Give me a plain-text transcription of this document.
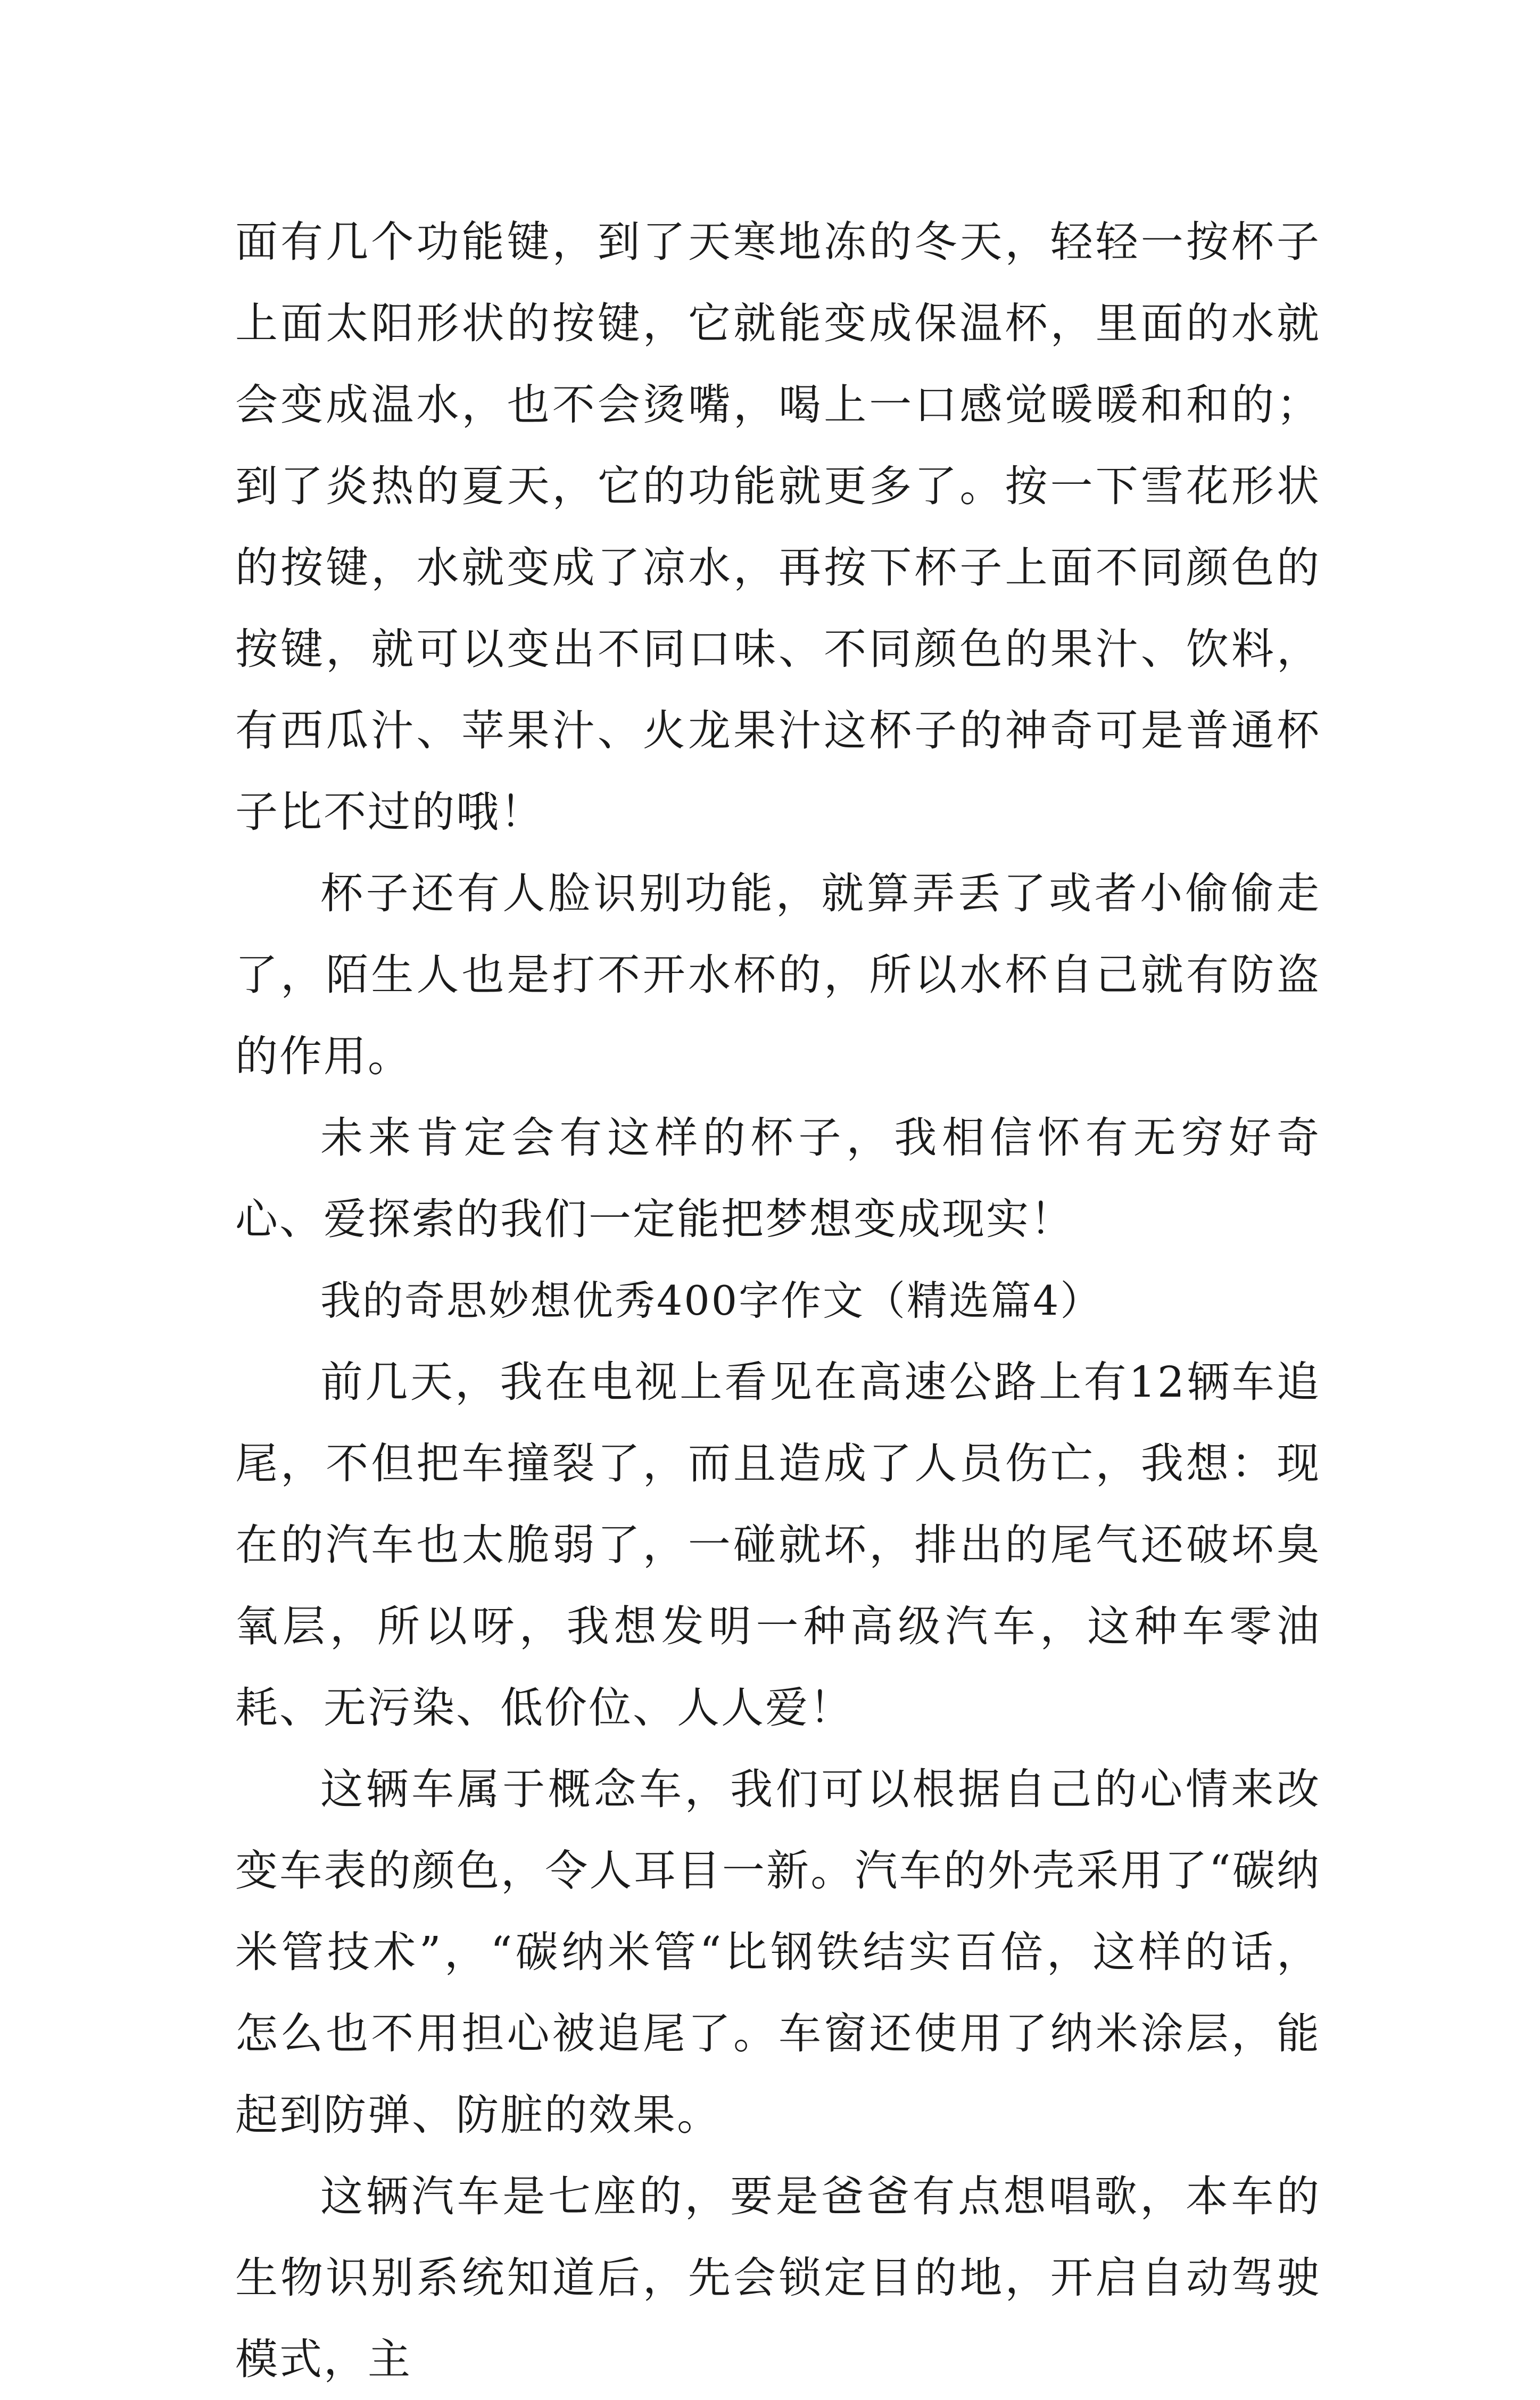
面有几个功能键，到了天寒地冻的冬天，轻轻一按杯子上面太阳形状的按键，它就能变成保温杯，里面的水就会变成温水，也不会烫嘴，喝上一口感觉暖暖和和的；到了炎热的夏天，它的功能就更多了。按一下雪花形状的按键，水就变成了凉水，再按下杯子上面不同颜色的按键，就可以变出不同口味、不同颜色的果汁、饮料，有西瓜汁、苹果汁、火龙果汁这杯子的神奇可是普通杯子比不过的哦！

杯子还有人脸识别功能，就算弄丢了或者小偷偷走了，陌生人也是打不开水杯的，所以水杯自己就有防盗的作用。

未来肯定会有这样的杯子，我相信怀有无穷好奇心、爱探索的我们一定能把梦想变成现实！

我的奇思妙想优秀400字作文（精选篇4）

前几天，我在电视上看见在高速公路上有12辆车追尾，不但把车撞裂了，而且造成了人员伤亡，我想：现在的汽车也太脆弱了，一碰就坏，排出的尾气还破坏臭氧层，所以呀，我想发明一种高级汽车，这种车零油耗、无污染、低价位、人人爱！

这辆车属于概念车，我们可以根据自己的心情来改变车表的颜色，令人耳目一新。汽车的外壳采用了“碳纳米管技术”，“碳纳米管“比钢铁结实百倍，这样的话，怎么也不用担心被追尾了。车窗还使用了纳米涂层，能起到防弹、防脏的效果。

这辆汽车是七座的，要是爸爸有点想唱歌，本车的生物识别系统知道后，先会锁定目的地，开启自动驾驶模式，主
